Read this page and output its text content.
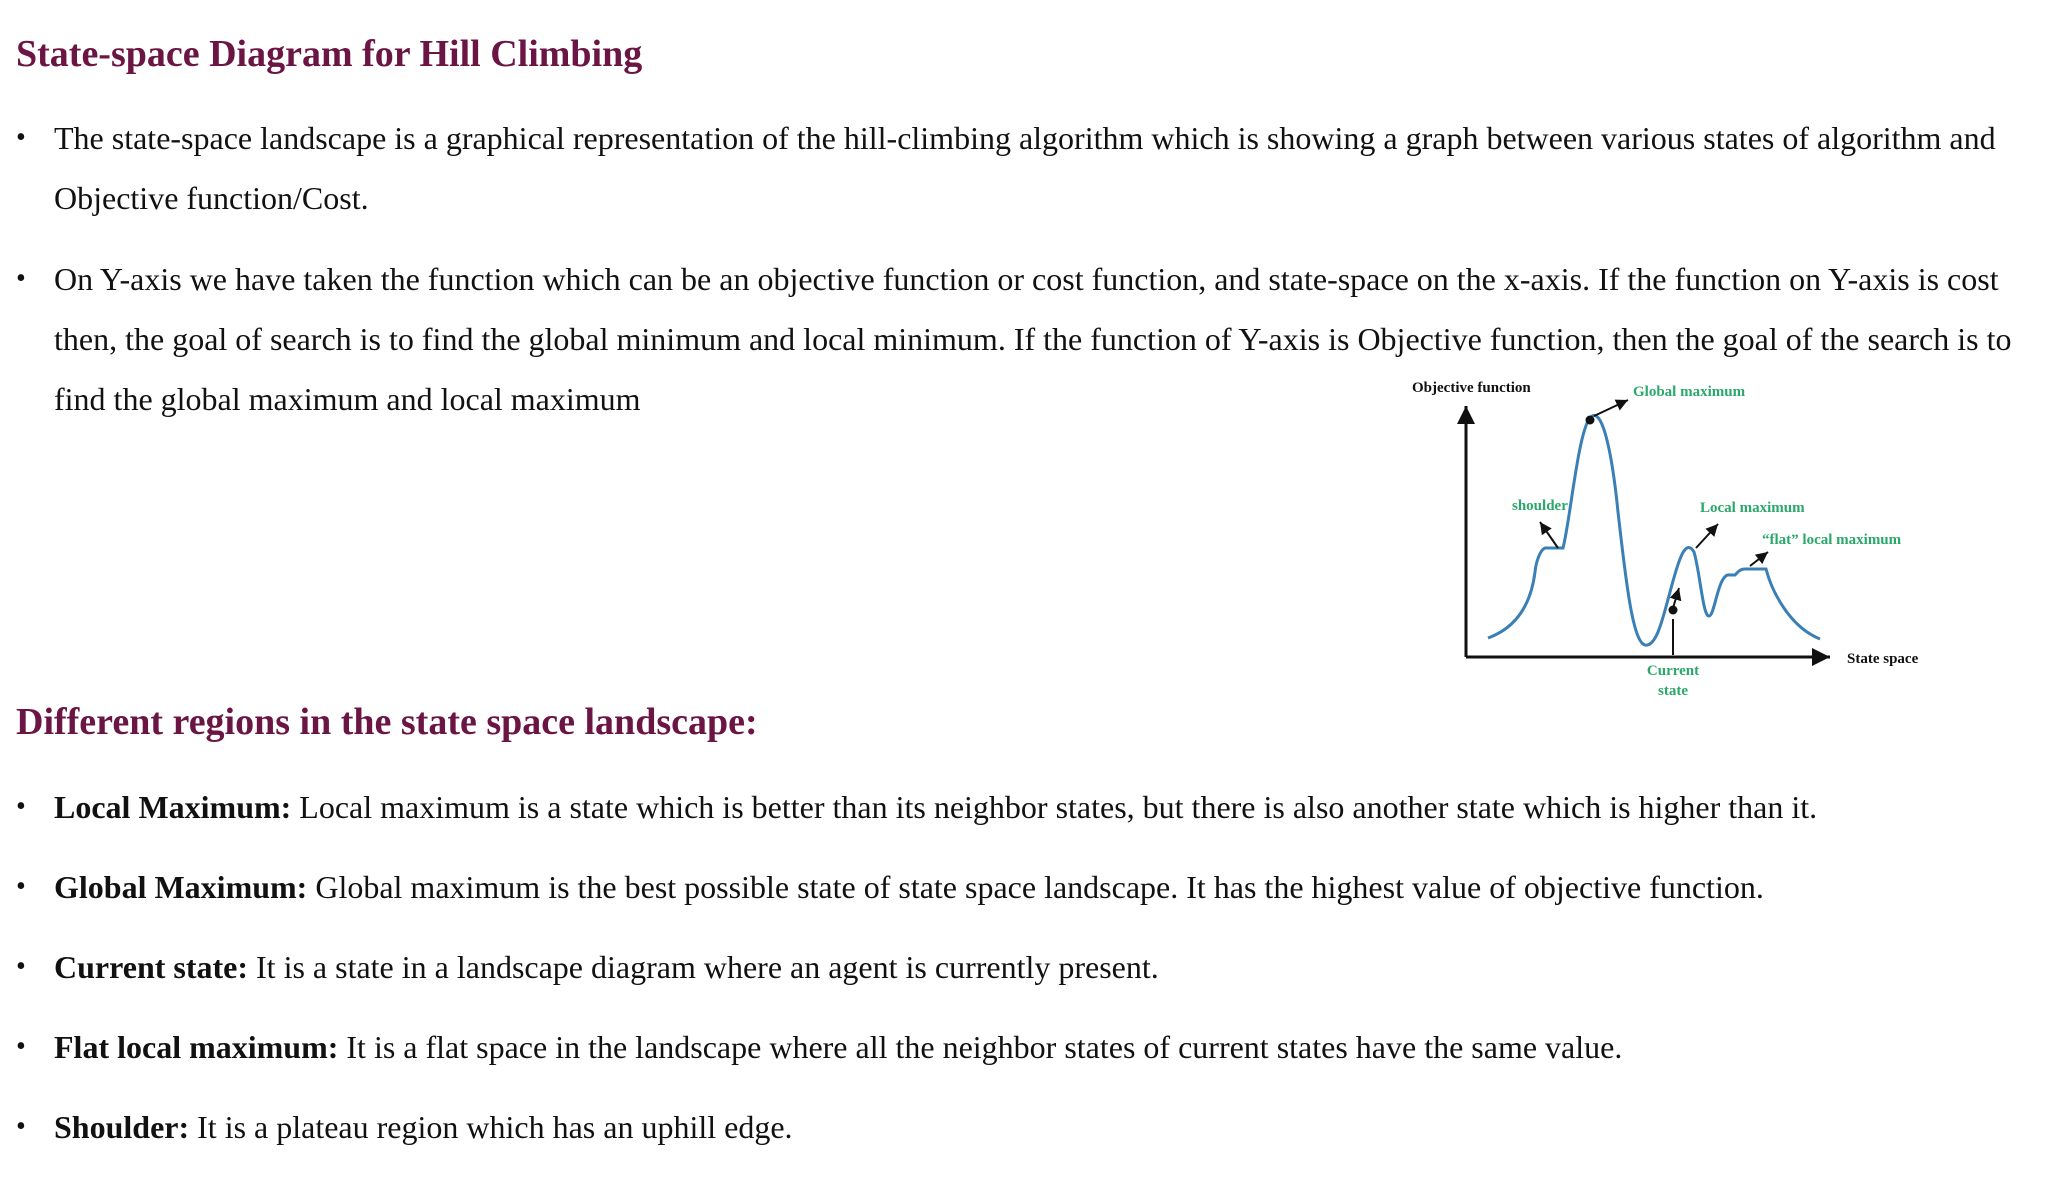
State-space Diagram for Hill Climbing
• The state-space landscape is a graphical representation of the hill-climbing algorithm which is showing a graph between various states of algorithm and Objective function/Cost.
• On Y-axis we have taken the function which can be an objective function or cost function, and state-space on the x-axis. If the function on Y-axis is cost then, the goal of search is to find the global minimum and local minimum. If the function of Y-axis is Objective function, then the goal of the search is to find the global maximum and local maximum	Objective function	Global maximum
shoulder	Local maximum
“flat” local maximum
State space
Current
state
Different regions in the state space landscape:
• Local Maximum: Local maximum is a state which is better than its neighbor states, but there is also another state which is higher than it.
• Global Maximum: Global maximum is the best possible state of state space landscape. It has the highest value of objective function.
• Current state: It is a state in a landscape diagram where an agent is currently present.
• Flat local maximum: It is a flat space in the landscape where all the neighbor states of current states have the same value.
• Shoulder: It is a plateau region which has an uphill edge.
